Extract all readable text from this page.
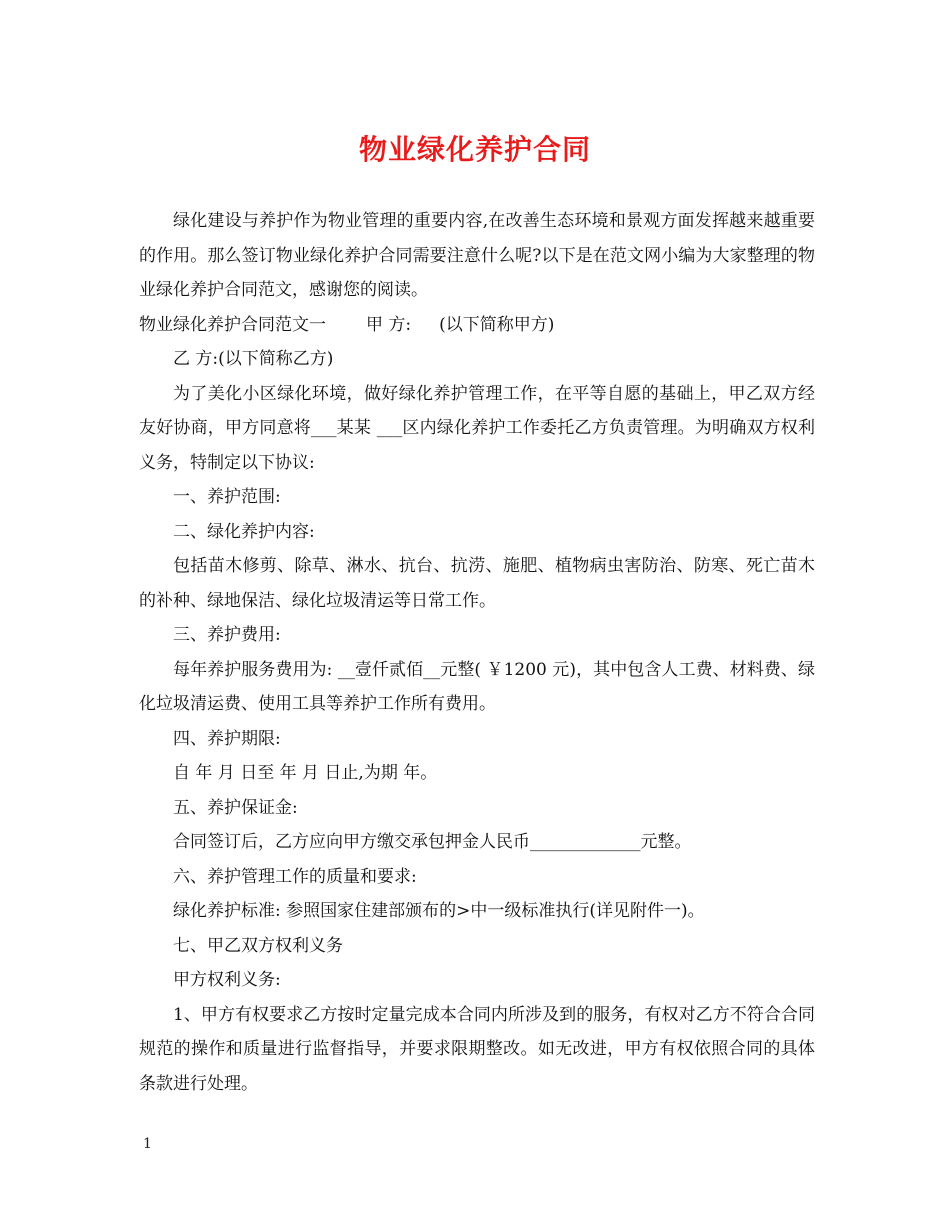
物业绿化养护合同

绿化建设与养护作为物业管理的重要内容,在改善生态环境和景观方面发挥越来越重要的作用。那么签订物业绿化养护合同需要注意什么呢?以下是在范文网小编为大家整理的物业绿化养护合同范文，感谢您的阅读。

物业绿化养护合同范文一 甲 方: (以下简称甲方)

乙 方:(以下简称乙方)

为了美化小区绿化环境，做好绿化养护管理工作，在平等自愿的基础上，甲乙双方经友好协商，甲方同意将___某某 ___区内绿化养护工作委托乙方负责管理。为明确双方权利义务，特制定以下协议:

一、养护范围:

二、绿化养护内容:

包括苗木修剪、除草、淋水、抗台、抗涝、施肥、植物病虫害防治、防寒、死亡苗木的补种、绿地保洁、绿化垃圾清运等日常工作。

三、养护费用:

每年养护服务费用为: __壹仟贰佰__元整( ￥1200 元)，其中包含人工费、材料费、绿化垃圾清运费、使用工具等养护工作所有费用。

四、养护期限:

自 年 月 日至 年 月 日止,为期 年。

五、养护保证金:

合同签订后，乙方应向甲方缴交承包押金人民币_____________元整。

六、养护管理工作的质量和要求:

绿化养护标准: 参照国家住建部颁布的>中一级标准执行(详见附件一)。

七、甲乙双方权利义务

甲方权利义务:

1、甲方有权要求乙方按时定量完成本合同内所涉及到的服务，有权对乙方不符合合同规范的操作和质量进行监督指导，并要求限期整改。如无改进，甲方有权依照合同的具体条款进行处理。

1
